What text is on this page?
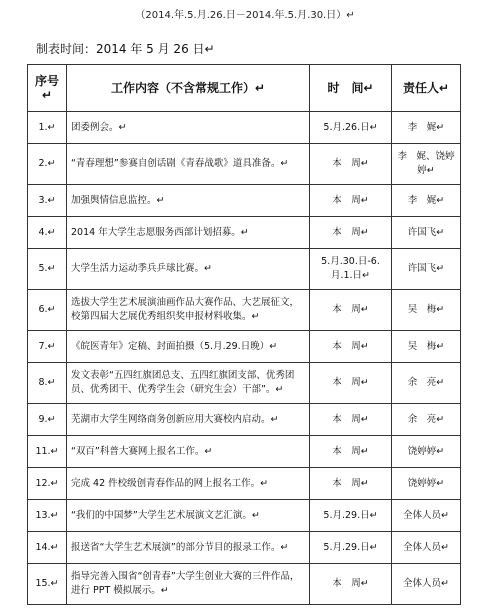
（2014.年.5.月.26.日－2014.年.5.月.30.日）↵
制表时间：2014 年 5 月 26 日↵
序号↵	工作内容（不含常规工作）↵	时　间↵	责任人↵
1.↵	团委例会。↵	5.月.26.日↵	李　娓↵
2.↵	“青春理想”参赛自创话剧《青春战歌》道具准备。↵	本　周↵	李　娓、饶婷婷↵
3.↵	加强舆情信息监控。↵	本　周↵	李　娓↵
4.↵	2014 年大学生志愿服务西部计划招募。↵	本　周↵	许国飞↵
5.↵	大学生活力运动季兵乒球比赛。↵	5.月.30.日-6.月.1.日↵	许国飞↵
6.↵	选拔大学生艺术展演油画作品大赛作品、大艺展征文，校第四届大艺展优秀组织奖申报材料收集。↵	本　周↵	吴　梅↵
7.↵	《皖医青年》定稿、封面拍摄（5.月.29.日晚）↵	本　周↵	吴　梅↵
8.↵	发文表彰“五四红旗团总支、五四红旗团支部、优秀团员、优秀团干、优秀学生会（研究生会）干部”。↵	本　周↵	余　亮↵
9.↵	芜湖市大学生网络商务创新应用大赛校内启动。↵	本　周↵	余　亮↵
11.↵	“双百”科普大赛网上报名工作。↵	本　周↵	饶婷婷↵
12.↵	完成 42 件校级创青春作品的网上报名工作。↵	本　周↵	饶婷婷↵
13.↵	“我们的中国梦”大学生艺术展演文艺汇演。↵	5.月.29.日↵	全体人员↵
14.↵	报送省“大学生艺术展演”的部分节目的报录工作。↵	5.月.29.日↵	全体人员↵
15.↵	指导完善入围省“创青春”大学生创业大赛的三件作品，进行 PPT 模拟展示。↵	本　周↵	全体人员↵
